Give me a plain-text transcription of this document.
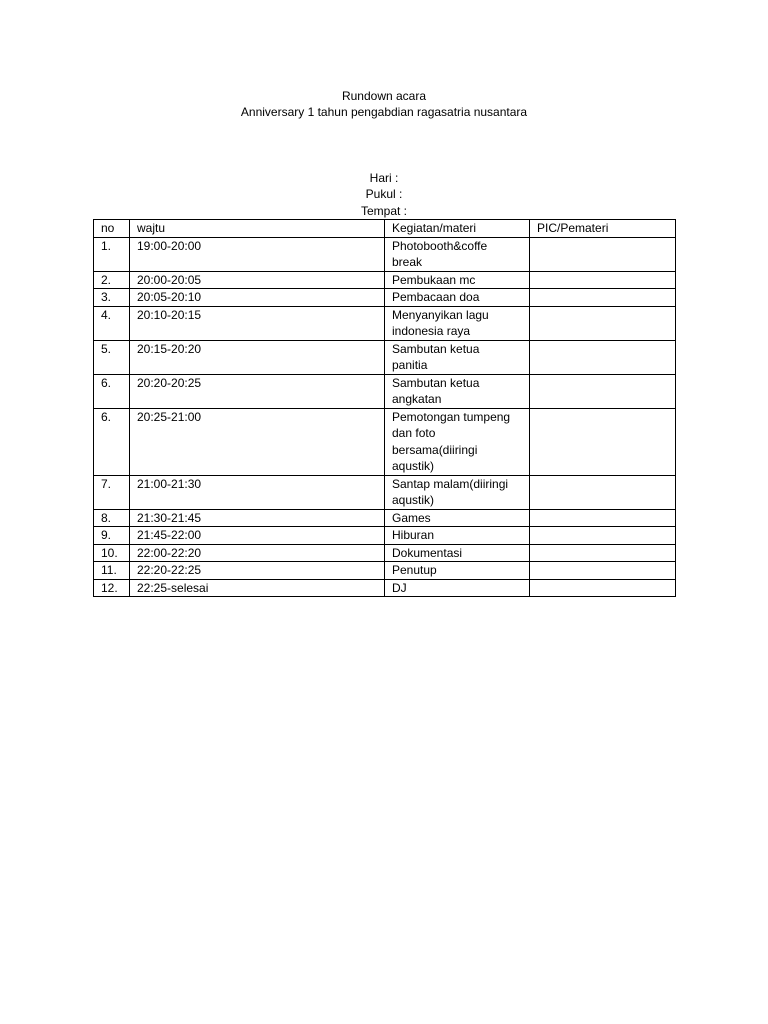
Rundown acara
Anniversary 1 tahun pengabdian ragasatria nusantara
Hari :
Pukul :
Tempat :
no	wajtu	Kegiatan/materi	PIC/Pemateri
1.	19:00-20:00	Photobooth&coffe
break	
2.	20:00-20:05	Pembukaan mc	
3.	20:05-20:10	Pembacaan doa	
4.	20:10-20:15	Menyanyikan lagu
indonesia raya	
5.	20:15-20:20	Sambutan ketua
panitia	
6.	20:20-20:25	Sambutan ketua
angkatan	
6.	20:25-21:00	Pemotongan tumpeng
dan foto
bersama(diiringi
aqustik)	
7.	21:00-21:30	Santap malam(diiringi
aqustik)	
8.	21:30-21:45	Games	
9.	21:45-22:00	Hiburan	
10.	22:00-22:20	Dokumentasi	
11.	22:20-22:25	Penutup	
12.	22:25-selesai	DJ	
